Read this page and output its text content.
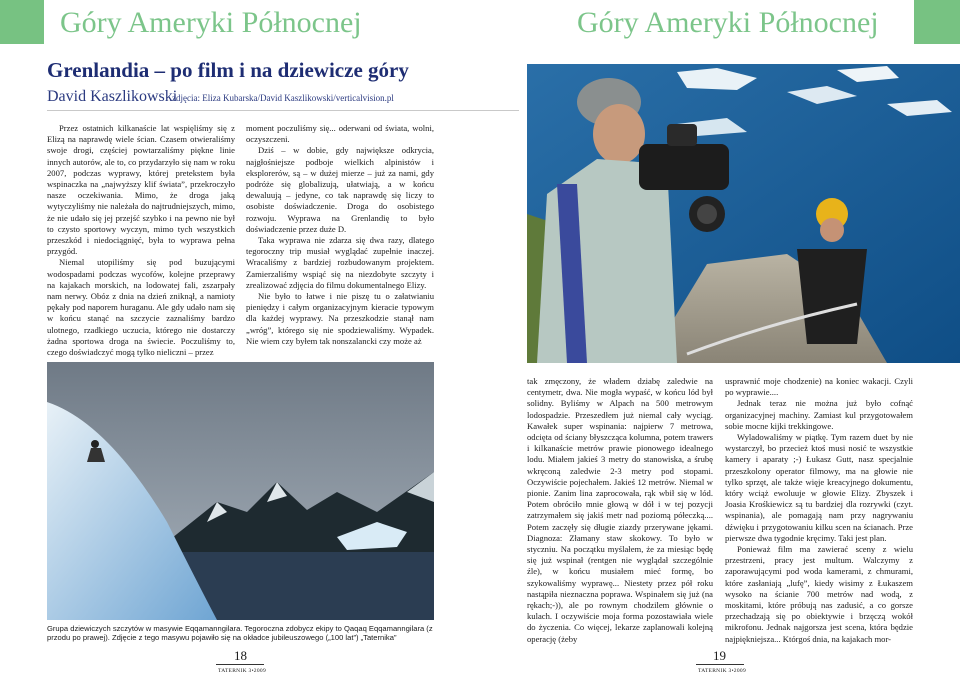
Góry Ameryki Północnej	Góry Ameryki Północnej
Grenlandia – po film i na dziewicze góry
David Kaszlikowski
zdjęcia: Eliza Kubarska/David Kaszlikowski/verticalvision.pl

Przez ostatnich kilkanaście lat wspięliśmy się z Elizą na naprawdę wiele ścian. Czasem otwieraliśmy swoje drogi, częściej powtarzaliśmy piękne linie innych autorów, ale to, co przydarzyło się nam w roku 2007, podczas wyprawy, której pretekstem była wspinaczka na „najwyższy klif świata”, przekroczyło nasze oczekiwania. Mimo, że droga jaką wytyczyliśmy nie należała do najtrudniejszych, mimo, że nie udało się jej przejść szybko i na pewno nie był to czysto sportowy wyczyn, mimo tych wszystkich przeszkód i niedociągnięć, była to wyprawa pełna przygód.

Niemal utopiliśmy się pod buzującymi wodospadami podczas wycofów, kolejne przeprawy na kajakach morskich, na lodowatej fali, zszarpały nam nerwy. Obóz z dnia na dzień zniknął, a namioty pękały pod naporem huraganu. Ale gdy udało nam się w końcu stanąć na szczycie zaznaliśmy bardzo ulotnego, rzadkiego uczucia, którego nie dostarczy żadna sportowa droga na świecie. Poczuliśmy to, czego doświadczyć mogą tylko nieliczni – przez

moment poczuliśmy się... oderwani od świata, wolni, oczyszczeni.

Dziś – w dobie, gdy największe odkrycia, najgłośniejsze podboje wielkich alpinistów i eksplorerów, są – w dużej mierze – już za nami, gdy podróże się globalizują, ułatwiają, a w końcu dewaluują – jedyne, co tak naprawdę się liczy to osobiste doświadczenie. Droga do osobistego rozwoju. Wyprawa na Grenlandię to było doświadczenie przez duże D.

Taka wyprawa nie zdarza się dwa razy, dlatego tegoroczny trip musiał wyglądać zupełnie inaczej. Wracaliśmy z bardziej rozbudowanym projektem. Zamierzaliśmy wspiąć się na niezdobyte szczyty i zrealizować zdjęcia do filmu dokumentalnego Elizy.

Nie było to łatwe i nie piszę tu o załatwianiu pieniędzy i całym organizacyjnym kieracie typowym dla każdej wyprawy. Na przeszkodzie stanął nam „wróg”, którego się nie spodziewaliśmy. Wypadek. Nie wiem czy byłem tak nonszalancki czy może aż

tak zmęczony, że władem dziabę zaledwie na centymetr, dwa. Nie mogła wypaść, w końcu lód był solidny. Byliśmy w Alpach na 500 metrowym lodospadzie. Przeszedłem już niemal cały wyciąg. Kawałek super wspinania: najpierw 7 metrowa, odcięta od ściany błyszcząca kolumna, potem trawers i kilkanaście metrów prawie pionowego idealnego lodu. Miałem jakieś 3 metry do stanowiska, a śrubę wkręconą zaledwie 2-3 metry pod stopami. Oczywiście pojechałem. Jakieś 12 metrów. Niemal w pionie. Zanim lina zaprocowała, rąk wbił się w lód. Potem obróciło mnie głową w dół i w tej pozycji zatrzymałem się jakiś metr nad poziomą półeczką.... Potem zaczęły się długie ziazdy przerywane jękami. Diagnoza: Złamany staw skokowy. To było w styczniu. Na początku myślałem, że za miesiąc będę się już wspinał (rentgen nie wyglądał szczególnie źle), w końcu musiałem mieć formę, bo szykowaliśmy wyprawę... Niestety przez pół roku nastąpiła nieznaczna poprawa. Wspinałem się już (na rękach;-)), ale po rownym chodzilem głównie o kulach. I oczywiście moja forma pozostawiała wiele do życzenia. Co więcej, lekarze zaplanowali kolejną operację (żeby

usprawnić moje chodzenie) na koniec wakacji. Czyli po wyprawie....

Jednak teraz nie można już było cofnąć organizacyjnej machiny. Zamiast kul przygotowałem sobie mocne kijki trekkingowe.

Wyladowaliśmy w piątkę. Tym razem duet by nie wystarczył, bo przecież ktoś musi nosić te wszystkie kamery i aparaty ;-) Łukasz Gutt, nasz specjalnie przeszkolony operator filmowy, ma na głowie nie tylko sprzęt, ale także więje kreacyjnego dokumentu, który wciąż ewoluuje w głowie Elizy. Zbyszek i Joasia Krośkiewicz są tu bardziej dla rozrywki (czyt. wspinania), ale pomagają nam przy nagrywaniu dźwięku i przygotowaniu kilku scen na ścianach. Prze pierwsze dwa tygodnie kręcimy. Taki jest plan.

Ponieważ film ma zawierać sceny z wielu przestrzeni, pracy jest multum. Walczymy z zaporawującymi pod woda kamerami, z chmurami, które zasłaniają „lufę”, kiedy wisimy z Łukaszem wysoko na ścianie 700 metrów nad wodą, z moskitami, które próbują nas zadusić, a co gorsze przechadzają się po obiektywie i brzęczą wokół mikrofonu. Jednak najgorsza jest scena, która będzie najpiękniejsza... Którgoś dnia, na kajakach mor-

Grupa dziewiczych szczytów w masywie Eqqamanngilara. Tegoroczna zdobycz ekipy to Qaqaq Eqqamanngilara (z przodu po prawej). Zdjęcie z tego masywu pojawiło się na okładce jubileuszowego („100 lat”) „Taternika”
18
TATERNIK 3•2009
19
TATERNIK 3•2009
